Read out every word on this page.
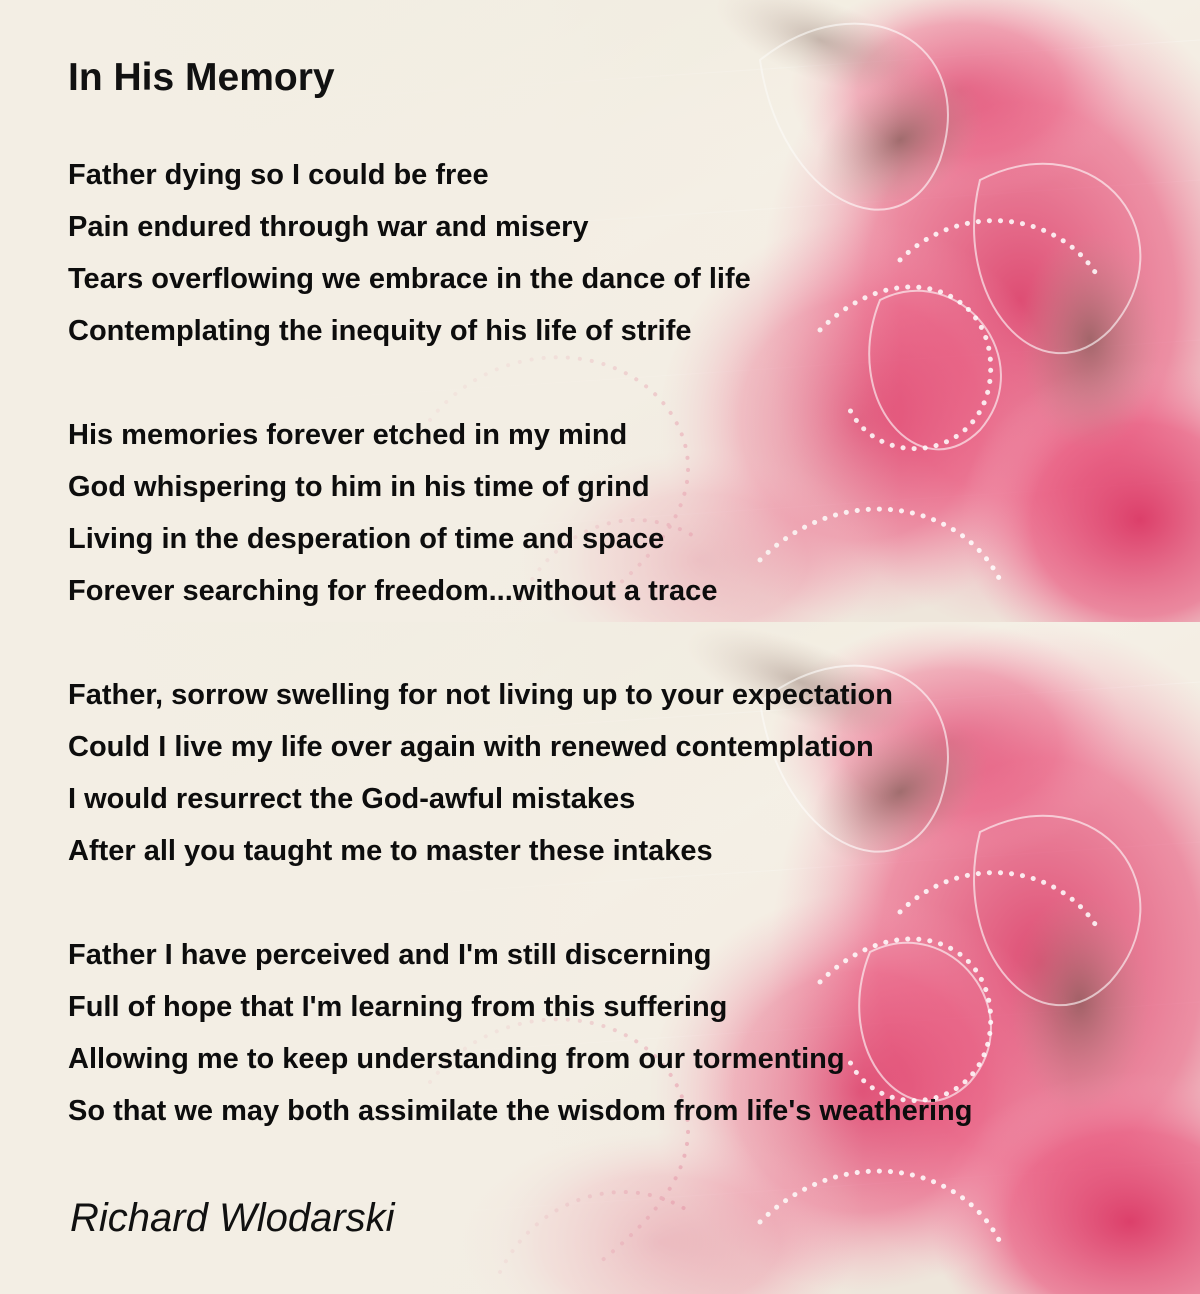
In His Memory
Father dying so I could be free
Pain endured through war and misery
Tears overflowing we embrace in the dance of life
Contemplating the inequity of his life of strife
His memories forever etched in my mind
God whispering to him in his time of grind
Living in the desperation of time and space
Forever searching for freedom...without a trace
Father, sorrow swelling for not living up to your expectation
Could I live my life over again with renewed contemplation
I would resurrect the God-awful mistakes
After all you taught me to master these intakes
Father I have perceived and I'm still discerning
Full of hope that I'm learning from this suffering
Allowing me to keep understanding from our tormenting
So that we may both assimilate the wisdom from life's weathering

Richard Wlodarski
